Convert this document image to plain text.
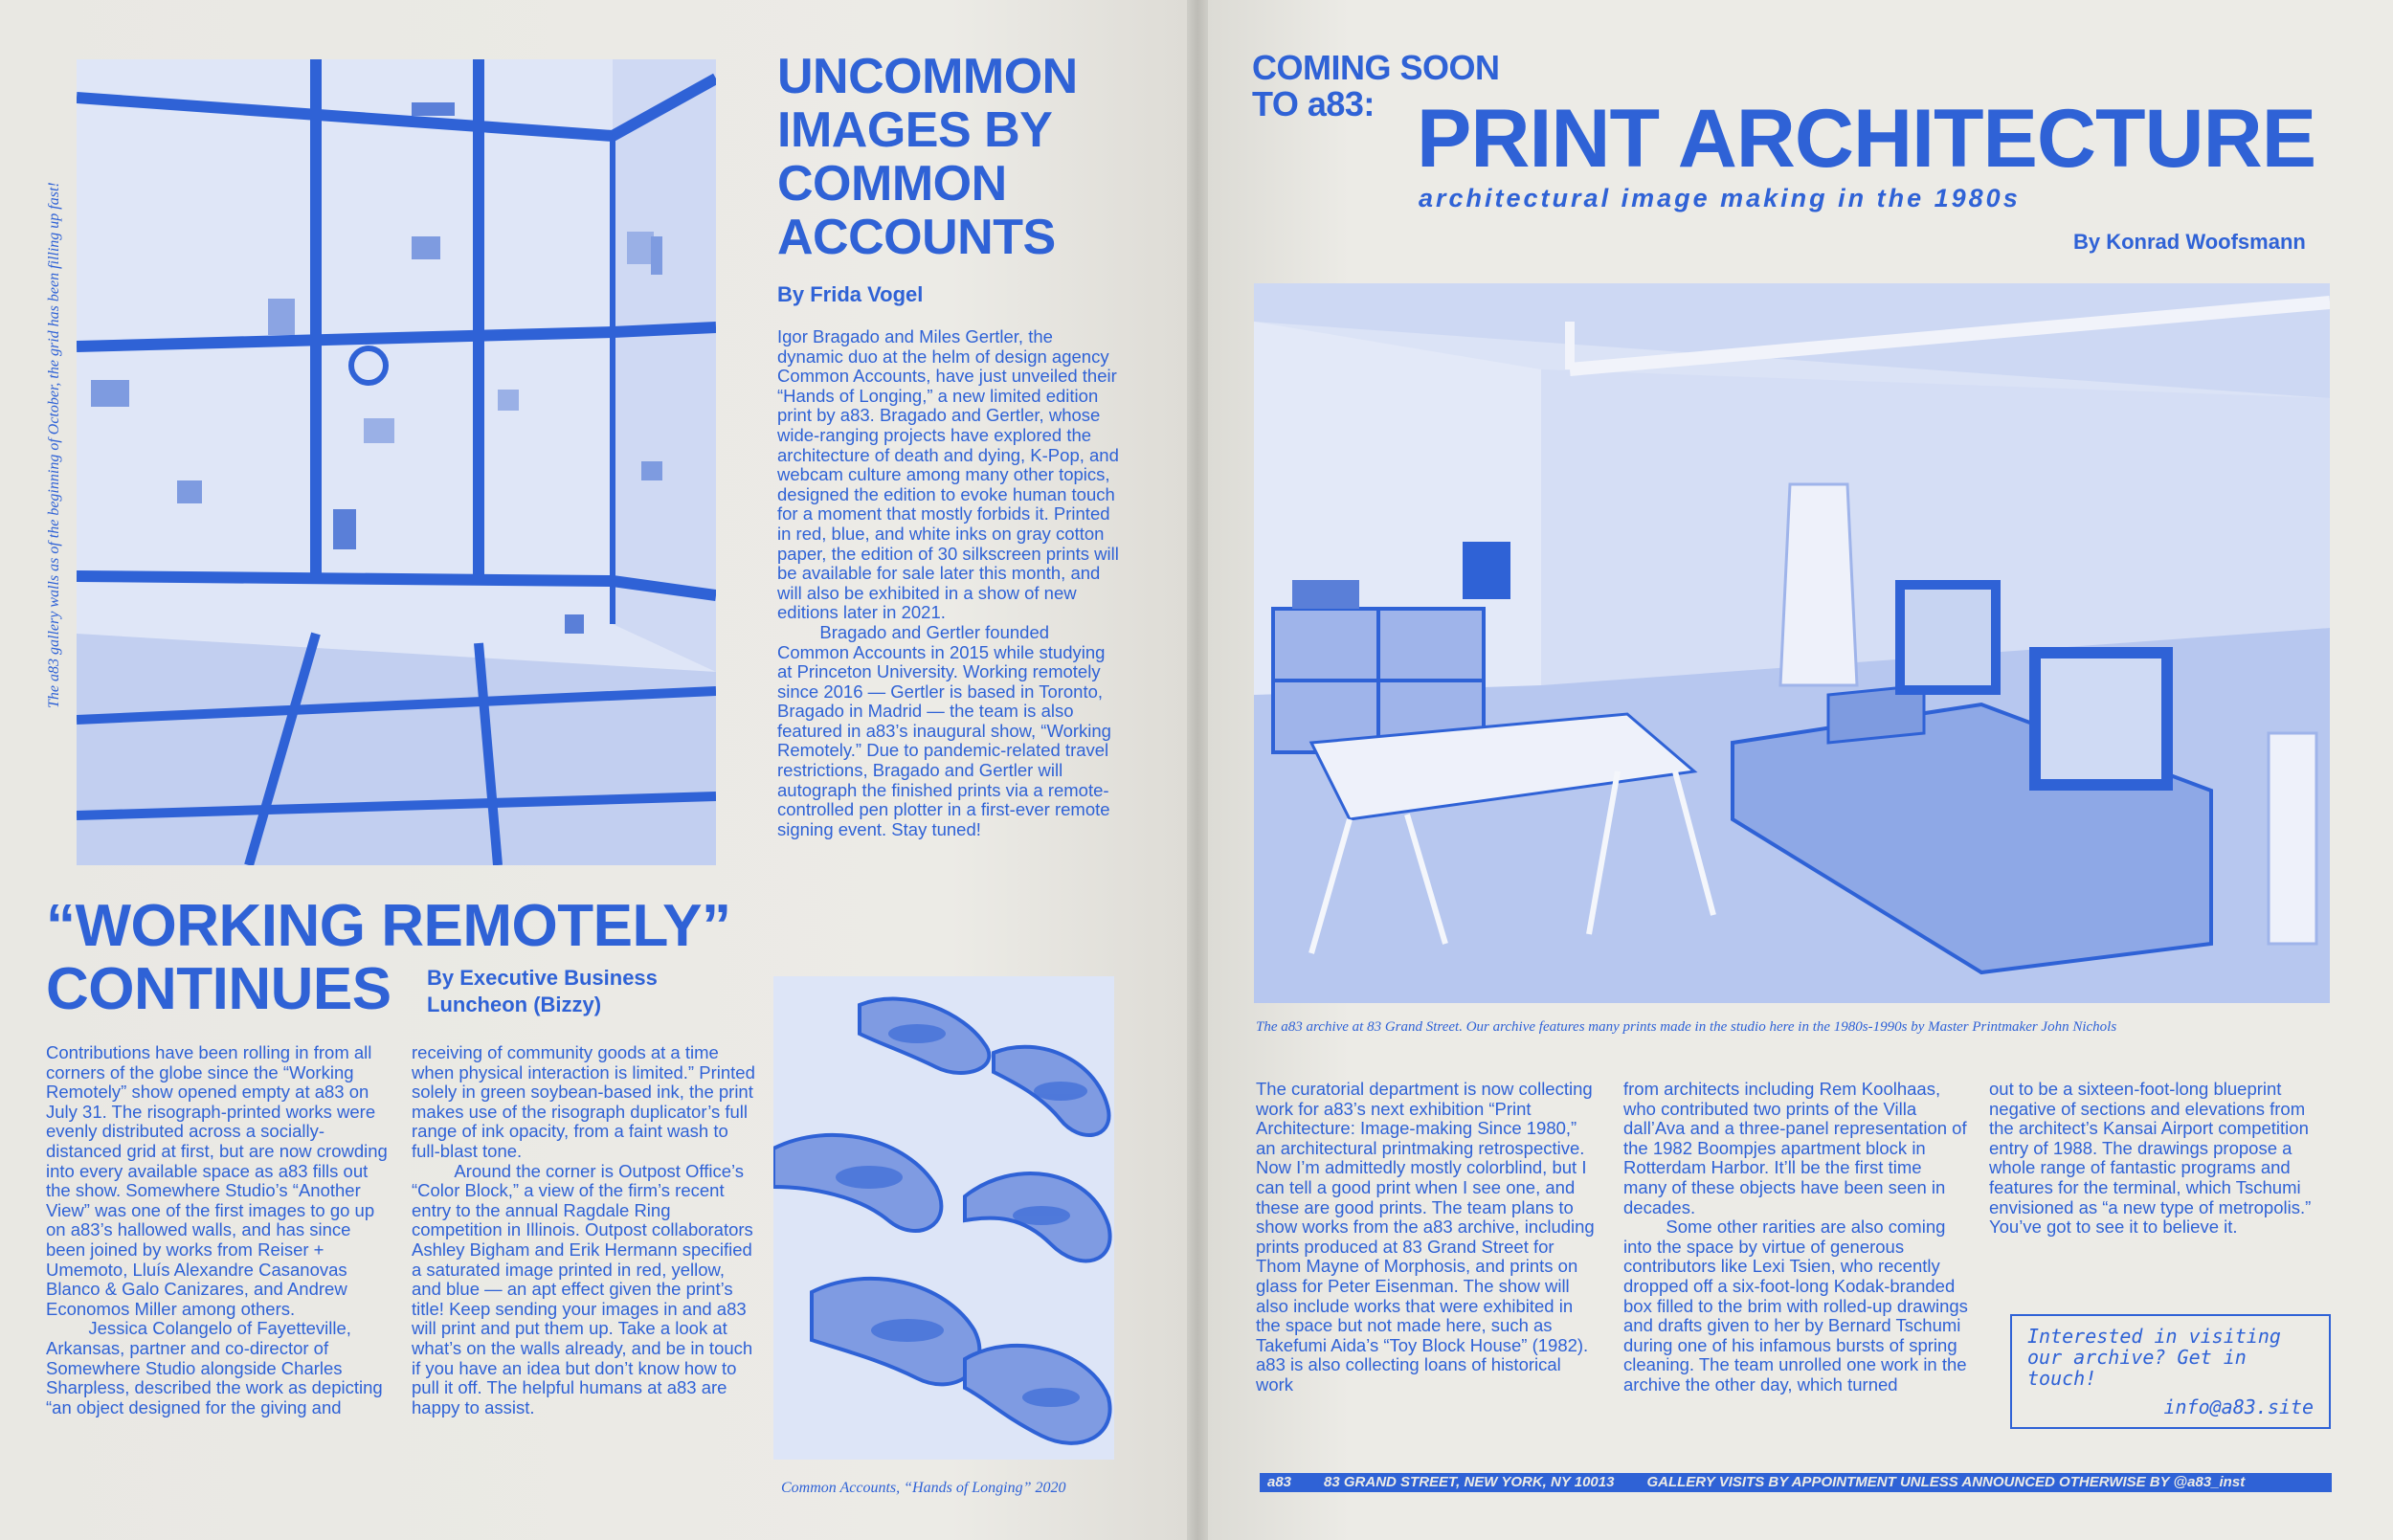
The a83 gallery walls as of the beginning of October, the grid has been filling up fast!
UNCOMMON
IMAGES BY
COMMON
ACCOUNTS
By Frida Vogel

Igor Bragado and Miles Gertler, the dynamic duo at the helm of design agency Common Accounts, have just unveiled their “Hands of Longing,” a new limited edition print by a83. Bragado and Gertler, whose wide-ranging projects have explored the architecture of death and dying, K-Pop, and webcam culture among many other topics, designed the edition to evoke human touch for a moment that mostly forbids it. Printed in red, blue, and white inks on gray cotton paper, the edition of 30 silkscreen prints will be available for sale later this month, and will also be exhibited in a show of new editions later in 2021.

Bragado and Gertler founded Common Accounts in 2015 while studying at Princeton University. Working remotely since 2016 — Gertler is based in Toronto, Bragado in Madrid — the team is also featured in a83’s inaugural show, “Working Remotely.” Due to pandemic-related travel restrictions, Bragado and Gertler will autograph the finished prints via a remote-controlled pen plotter in a first-ever remote signing event. Stay tuned!

Common Accounts, “Hands of Longing” 2020
“WORKING REMOTELY”
CONTINUES By Executive Business
Luncheon (Bizzy)

Contributions have been rolling in from all corners of the globe since the “Working Remotely” show opened empty at a83 on July 31. The risograph-printed works were evenly distributed across a socially-distanced grid at first, but are now crowding into every available space as a83 fills out the show. Somewhere Studio’s “Another View” was one of the first images to go up on a83’s hallowed walls, and has since been joined by works from Reiser + Umemoto, Lluís Alexandre Casanovas Blanco & Galo Canizares, and Andrew Economos Miller among others.

Jessica Colangelo of Fayetteville, Arkansas, partner and co-director of Somewhere Studio alongside Charles Sharpless, described the work as depicting “an object designed for the giving and

receiving of community goods at a time when physical interaction is limited.” Printed solely in green soybean-based ink, the print makes use of the risograph duplicator’s full range of ink opacity, from a faint wash to full-blast tone.

Around the corner is Outpost Office’s “Color Block,” a view of the firm’s recent entry to the annual Ragdale Ring competition in Illinois. Outpost collaborators Ashley Bigham and Erik Hermann specified a saturated image printed in red, yellow, and blue — an apt effect given the print’s title! Keep sending your images in and a83 will print and put them up. Take a look at what’s on the walls already, and be in touch if you have an idea but don’t know how to pull it off. The helpful humans at a83 are happy to assist.

COMING SOON
TO a83: PRINT ARCHITECTURE
architectural image making in the 1980s
By Konrad Woofsmann
The a83 archive at 83 Grand Street. Our archive features many prints made in the studio here in the 1980s-1990s by Master Printmaker John Nichols

The curatorial department is now collecting work for a83’s next exhibition “Print Architecture: Image-making Since 1980,” an architectural printmaking retrospective. Now I’m admittedly mostly colorblind, but I can tell a good print when I see one, and these are good prints. The team plans to show works from the a83 archive, including prints produced at 83 Grand Street for Thom Mayne of Morphosis, and prints on glass for Peter Eisenman. The show will also include works that were exhibited in the space but not made here, such as Takefumi Aida’s “Toy Block House” (1982). a83 is also collecting loans of historical work

from architects including Rem Koolhaas, who contributed two prints of the Villa dall’Ava and a three-panel representation of the 1982 Boompjes apartment block in Rotterdam Harbor. It’ll be the first time many of these objects have been seen in decades.

Some other rarities are also coming into the space by virtue of generous contributors like Lexi Tsien, who recently dropped off a six-foot-long Kodak-branded box filled to the brim with rolled-up drawings and drafts given to her by Bernard Tschumi during one of his infamous bursts of spring cleaning. The team unrolled one work in the archive the other day, which turned

out to be a sixteen-foot-long blueprint negative of sections and elevations from the architect’s Kansai Airport competition entry of 1988. The drawings propose a whole range of fantastic programs and features for the terminal, which Tschumi envisioned as “a new type of metropolis.” You’ve got to see it to believe it.

Interested in visiting our archive? Get in touch!
info@a83.site
a83 83 GRAND STREET, NEW YORK, NY 10013 GALLERY VISITS BY APPOINTMENT UNLESS ANNOUNCED OTHERWISE BY @a83_inst
